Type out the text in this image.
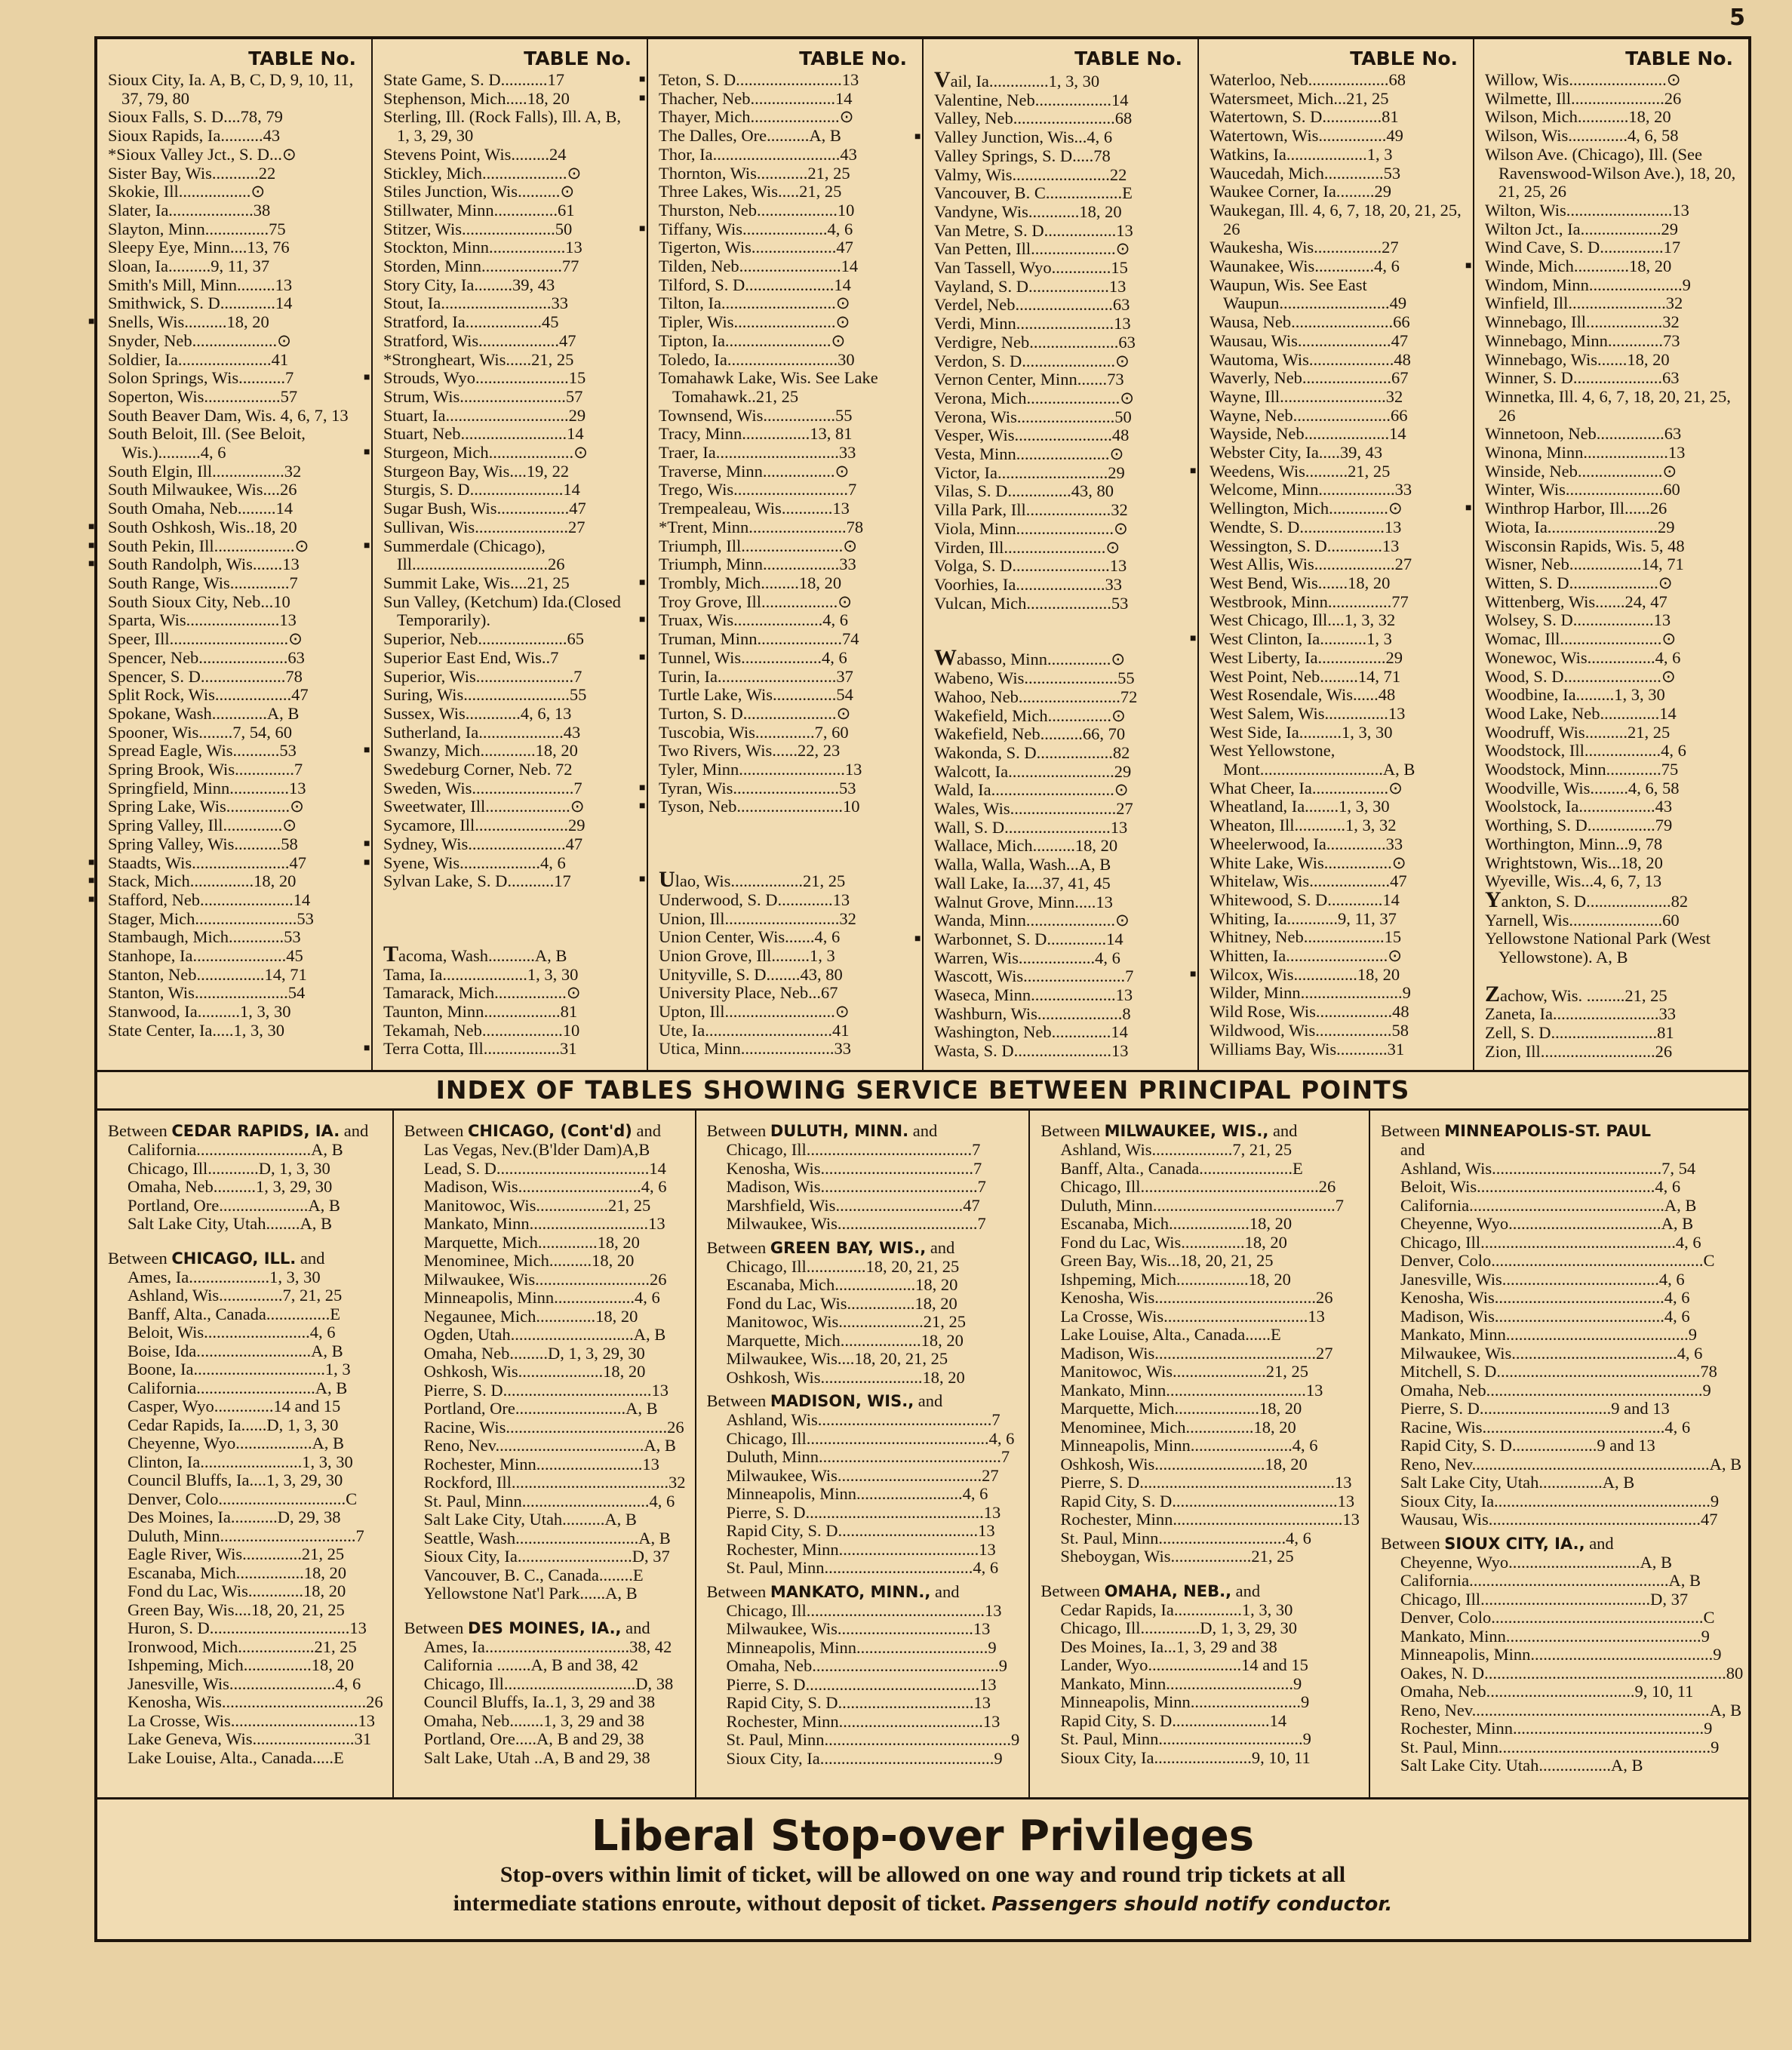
5
TABLE No.
Sioux City, Ia. A, B, C, D, 9, 10, 11, 37, 79, 80
Sioux Falls, S. D....78, 79
Sioux Rapids, Ia..........43
*Sioux Valley Jct., S. D...⊙
Sister Bay, Wis...........22
Skokie, Ill.................⊙
Slater, Ia....................38
Slayton, Minn...............75
Sleepy Eye, Minn....13, 76
Sloan, Ia..........9, 11, 37
Smith's Mill, Minn.........13
Smithwick, S. D.............14
■ Snells, Wis..........18, 20
Snyder, Neb....................⊙
Soldier, Ia......................41
Solon Springs, Wis...........7
Soperton, Wis..................57
South Beaver Dam, Wis. 4, 6, 7, 13
South Beloit, Ill. (See Beloit, Wis.)..........4, 6
South Elgin, Ill.................32
South Milwaukee, Wis....26
South Omaha, Neb.........14
■ South Oshkosh, Wis..18, 20
■ South Pekin, Ill...................⊙
■ South Randolph, Wis.......13
South Range, Wis..............7
South Sioux City, Neb...10
Sparta, Wis......................13
Speer, Ill............................⊙
Spencer, Neb.....................63
Spencer, S. D....................78
Split Rock, Wis..................47
Spokane, Wash.............A, B
Spooner, Wis........7, 54, 60
Spread Eagle, Wis...........53
Spring Brook, Wis..............7
Springfield, Minn..............13
Spring Lake, Wis...............⊙
Spring Valley, Ill..............⊙
Spring Valley, Wis...........58
■ Staadts, Wis.......................47
■ Stack, Mich...............18, 20
■ Stafford, Neb......................14
Stager, Mich........................53
Stambaugh, Mich.............53
Stanhope, Ia......................45
Stanton, Neb................14, 71
Stanton, Wis......................54
Stanwood, Ia..........1, 3, 30
State Center, Ia.....1, 3, 30
TABLE No.
State Game, S. D...........17
Stephenson, Mich.....18, 20
Sterling, Ill. (Rock Falls), Ill. A, B, 1, 3, 29, 30
Stevens Point, Wis.........24
Stickley, Mich....................⊙
Stiles Junction, Wis..........⊙
Stillwater, Minn...............61
Stitzer, Wis......................50
Stockton, Minn..................13
Storden, Minn...................77
Story City, Ia.........39, 43
Stout, Ia..........................33
Stratford, Ia..................45
Stratford, Wis...................47
*Strongheart, Wis......21, 25
■ Strouds, Wyo......................15
Strum, Wis.........................57
Stuart, Ia.............................29
Stuart, Neb.........................14
■ Sturgeon, Mich....................⊙
Sturgeon Bay, Wis....19, 22
Sturgis, S. D......................14
Sugar Bush, Wis.................47
Sullivan, Wis......................27
■ Summerdale (Chicago), Ill................................26
Summit Lake, Wis....21, 25
Sun Valley, (Ketchum) Ida.(Closed Temporarily).
Superior, Neb.....................65
Superior East End, Wis..7
Superior, Wis.......................7
Suring, Wis.........................55
Sussex, Wis.............4, 6, 13
Sutherland, Ia....................43
■ Swanzy, Mich.............18, 20
Swedeburg Corner, Neb. 72
Sweden, Wis........................7
Sweetwater, Ill....................⊙
Sycamore, Ill......................29
■ Sydney, Wis.......................47
■ Syene, Wis...................4, 6
Sylvan Lake, S. D...........17
Tacoma, Wash...........A, B
Tama, Ia....................1, 3, 30
Tamarack, Mich.................⊙
Taunton, Minn..................81
Tekamah, Neb...................10
■ Terra Cotta, Ill..................31
TABLE No.
■ Teton, S. D.........................13
■ Thacher, Neb....................14
Thayer, Mich.....................⊙
The Dalles, Ore..........A, B
Thor, Ia..............................43
Thornton, Wis............21, 25
Three Lakes, Wis.....21, 25
Thurston, Neb...................10
■ Tiffany, Wis....................4, 6
Tigerton, Wis....................47
Tilden, Neb........................14
Tilford, S. D.....................14
Tilton, Ia...........................⊙
Tipler, Wis........................⊙
Tipton, Ia.........................⊙
Toledo, Ia..........................30
Tomahawk Lake, Wis. See Lake Tomahawk..21, 25
Townsend, Wis.................55
Tracy, Minn................13, 81
Traer, Ia.............................33
Traverse, Minn.................⊙
Trego, Wis...........................7
Trempealeau, Wis............13
*Trent, Minn.......................78
Triumph, Ill........................⊙
Triumph, Minn..................33
■ Trombly, Mich.........18, 20
Troy Grove, Ill..................⊙
■ Truax, Wis.....................4, 6
Truman, Minn....................74
■ Tunnel, Wis...................4, 6
Turin, Ia............................37
Turtle Lake, Wis...............54
Turton, S. D......................⊙
Tuscobia, Wis..............7, 60
Two Rivers, Wis......22, 23
Tyler, Minn.........................13
■ Tyran, Wis.........................53
■ Tyson, Neb.........................10
■ Ulao, Wis.................21, 25
Underwood, S. D.............13
Union, Ill...........................32
Union Center, Wis.......4, 6
Union Grove, Ill.........1, 3
Unityville, S. D........43, 80
University Place, Neb...67
Upton, Ill..........................⊙
Ute, Ia..............................41
Utica, Minn......................33
TABLE No.
Vail, Ia..............1, 3, 30
Valentine, Neb..................14
Valley, Neb........................68
■ Valley Junction, Wis...4, 6
Valley Springs, S. D.....78
Valmy, Wis.......................22
Vancouver, B. C..................E
Vandyne, Wis............18, 20
Van Metre, S. D.................13
Van Petten, Ill....................⊙
Van Tassell, Wyo..............15
Vayland, S. D...................13
Verdel, Neb.......................63
Verdi, Minn.......................13
Verdigre, Neb.....................63
Verdon, S. D......................⊙
Vernon Center, Minn.......73
Verona, Mich......................⊙
Verona, Wis.......................50
Vesper, Wis.......................48
Vesta, Minn......................⊙
Victor, Ia..........................29
Vilas, S. D...............43, 80
Villa Park, Ill....................32
Viola, Minn.......................⊙
Virden, Ill........................⊙
Volga, S. D.......................13
Voorhies, Ia.....................33
Vulcan, Mich....................53
Wabasso, Minn...............⊙
Wabeno, Wis......................55
Wahoo, Neb........................72
Wakefield, Mich...............⊙
Wakefield, Neb..........66, 70
Wakonda, S. D..................82
Walcott, Ia.........................29
Wald, Ia.............................⊙
Wales, Wis.........................27
Wall, S. D.........................13
Wallace, Mich..........18, 20
Walla, Walla, Wash...A, B
Wall Lake, Ia....37, 41, 45
Walnut Grove, Minn.....13
Wanda, Minn.....................⊙
■ Warbonnet, S. D..............14
Warren, Wis..................4, 6
Wascott, Wis........................7
Waseca, Minn....................13
Washburn, Wis....................8
Washington, Neb..............14
Wasta, S. D.......................13
TABLE No.
Waterloo, Neb...................68
Watersmeet, Mich...21, 25
Watertown, S. D..............81
Watertown, Wis................49
Watkins, Ia...................1, 3
Waucedah, Mich..............53
Waukee Corner, Ia.........29
Waukegan, Ill. 4, 6, 7, 18, 20, 21, 25, 26
Waukesha, Wis................27
Waunakee, Wis..............4, 6
Waupun, Wis. See East Waupun..........................49
Wausa, Neb........................66
Wausau, Wis......................47
Wautoma, Wis....................48
Waverly, Neb.....................67
Wayne, Ill.........................32
Wayne, Neb.......................66
Wayside, Neb....................14
Webster City, Ia.....39, 43
■ Weedens, Wis..........21, 25
Welcome, Minn..................33
Wellington, Mich..............⊙
Wendte, S. D....................13
Wessington, S. D.............13
West Allis, Wis...................27
West Bend, Wis.......18, 20
Westbrook, Minn...............77
West Chicago, Ill....1, 3, 32
■ West Clinton, Ia...........1, 3
West Liberty, Ia................29
West Point, Neb.........14, 71
West Rosendale, Wis......48
West Salem, Wis...............13
West Side, Ia..........1, 3, 30
West Yellowstone, Mont.............................A, B
What Cheer, Ia..................⊙
Wheatland, Ia........1, 3, 30
Wheaton, Ill............1, 3, 32
Wheelerwood, Ia..............33
White Lake, Wis................⊙
Whitelaw, Wis...................47
Whitewood, S. D.............14
Whiting, Ia............9, 11, 37
Whitney, Neb...................15
Whitten, Ia........................⊙
■ Wilcox, Wis...............18, 20
Wilder, Minn........................9
Wild Rose, Wis..................48
Wildwood, Wis..................58
Williams Bay, Wis............31
TABLE No.
Willow, Wis.......................⊙
Wilmette, Ill......................26
Wilson, Mich............18, 20
Wilson, Wis..............4, 6, 58
Wilson Ave. (Chicago), Ill. (See Ravenswood-Wilson Ave.), 18, 20, 21, 25, 26
Wilton, Wis.........................13
Wilton Jct., Ia...................29
Wind Cave, S. D...............17
■ Winde, Mich.............18, 20
Windom, Minn......................9
Winfield, Ill.......................32
Winnebago, Ill..................32
Winnebago, Minn.............73
Winnebago, Wis.......18, 20
Winner, S. D.....................63
Winnetka, Ill. 4, 6, 7, 18, 20, 21, 25, 26
Winnetoon, Neb................63
Winona, Minn....................13
Winside, Neb....................⊙
Winter, Wis.......................60
■ Winthrop Harbor, Ill......26
Wiota, Ia..........................29
Wisconsin Rapids, Wis. 5, 48
Wisner, Neb.................14, 71
Witten, S. D.....................⊙
Wittenberg, Wis.......24, 47
Wolsey, S. D...................13
Womac, Ill........................⊙
Wonewoc, Wis................4, 6
Wood, S. D.......................⊙
Woodbine, Ia.........1, 3, 30
Wood Lake, Neb..............14
Woodruff, Wis..........21, 25
Woodstock, Ill..................4, 6
Woodstock, Minn.............75
Woodville, Wis.........4, 6, 58
Woolstock, Ia..................43
Worthing, S. D................79
Worthington, Minn...9, 78
Wrightstown, Wis...18, 20
Wyeville, Wis...4, 6, 7, 13
Yankton, S. D....................82
Yarnell, Wis......................60
Yellowstone National Park (West Yellowstone). A, B
Zachow, Wis. .........21, 25
Zaneta, Ia.........................33
Zell, S. D.........................81
Zion, Ill...........................26
INDEX OF TABLES SHOWING SERVICE BETWEEN PRINCIPAL POINTS
Between CEDAR RAPIDS, IA. and
California...........................A, B
Chicago, Ill............D, 1, 3, 30
Omaha, Neb..........1, 3, 29, 30
Portland, Ore.....................A, B
Salt Lake City, Utah........A, B
Between CHICAGO, ILL. and
Ames, Ia...................1, 3, 30
Ashland, Wis...............7, 21, 25
Banff, Alta., Canada...............E
Beloit, Wis.........................4, 6
Boise, Ida...........................A, B
Boone, Ia...............................1, 3
California............................A, B
Casper, Wyo..............14 and 15
Cedar Rapids, Ia......D, 1, 3, 30
Cheyenne, Wyo..................A, B
Clinton, Ia........................1, 3, 30
Council Bluffs, Ia....1, 3, 29, 30
Denver, Colo..............................C
Des Moines, Ia...........D, 29, 38
Duluth, Minn................................7
Eagle River, Wis..............21, 25
Escanaba, Mich................18, 20
Fond du Lac, Wis.............18, 20
Green Bay, Wis....18, 20, 21, 25
Huron, S. D.................................13
Ironwood, Mich..................21, 25
Ishpeming, Mich................18, 20
Janesville, Wis.........................4, 6
Kenosha, Wis..................................26
La Crosse, Wis..............................13
Lake Geneva, Wis........................31
Lake Louise, Alta., Canada.....E
Between CHICAGO, (Cont'd) and
Las Vegas, Nev.(B'lder Dam)A,B
Lead, S. D....................................14
Madison, Wis.............................4, 6
Manitowoc, Wis.................21, 25
Mankato, Minn............................13
Marquette, Mich..............18, 20
Menominee, Mich..........18, 20
Milwaukee, Wis...........................26
Minneapolis, Minn...................4, 6
Negaunee, Mich..............18, 20
Ogden, Utah.............................A, B
Omaha, Neb.........D, 1, 3, 29, 30
Oshkosh, Wis....................18, 20
Pierre, S. D...................................13
Portland, Ore..........................A, B
Racine, Wis......................................26
Reno, Nev...................................A, B
Rochester, Minn.........................13
Rockford, Ill.....................................32
St. Paul, Minn..............................4, 6
Salt Lake City, Utah..........A, B
Seattle, Wash.............................A, B
Sioux City, Ia...........................D, 37
Vancouver, B. C., Canada........E
Yellowstone Nat'l Park......A, B
Between DES MOINES, IA., and
Ames, Ia..................................38, 42
California ........A, B and 38, 42
Chicago, Ill...............................D, 38
Council Bluffs, Ia..1, 3, 29 and 38
Omaha, Neb........1, 3, 29 and 38
Portland, Ore.....A, B and 29, 38
Salt Lake, Utah ..A, B and 29, 38
Between DULUTH, MINN. and
Chicago, Ill.......................................7
Kenosha, Wis....................................7
Madison, Wis.....................................7
Marshfield, Wis..............................47
Milwaukee, Wis.................................7
Between GREEN BAY, WIS., and
Chicago, Ill..............18, 20, 21, 25
Escanaba, Mich...................18, 20
Fond du Lac, Wis................18, 20
Manitowoc, Wis....................21, 25
Marquette, Mich...................18, 20
Milwaukee, Wis....18, 20, 21, 25
Oshkosh, Wis........................18, 20
Between MADISON, WIS., and
Ashland, Wis.........................................7
Chicago, Ill...........................................4, 6
Duluth, Minn...........................................7
Milwaukee, Wis..................................27
Minneapolis, Minn.........................4, 6
Pierre, S. D..........................................13
Rapid City, S. D.................................13
Rochester, Minn.................................13
St. Paul, Minn...................................4, 6
Between MANKATO, MINN., and
Chicago, Ill..........................................13
Milwaukee, Wis................................13
Minneapolis, Minn...............................9
Omaha, Neb............................................9
Pierre, S. D.........................................13
Rapid City, S. D................................13
Rochester, Minn..................................13
St. Paul, Minn............................................9
Sioux City, Ia.........................................9
Between MILWAUKEE, WIS., and
Ashland, Wis...................7, 21, 25
Banff, Alta., Canada......................E
Chicago, Ill..........................................26
Duluth, Minn...........................................7
Escanaba, Mich...................18, 20
Fond du Lac, Wis...............18, 20
Green Bay, Wis...18, 20, 21, 25
Ishpeming, Mich.................18, 20
Kenosha, Wis......................................26
La Crosse, Wis..................................13
Lake Louise, Alta., Canada......E
Madison, Wis......................................27
Manitowoc, Wis......................21, 25
Mankato, Minn.................................13
Marquette, Mich....................18, 20
Menominee, Mich................18, 20
Minneapolis, Minn........................4, 6
Oshkosh, Wis..........................18, 20
Pierre, S. D..............................................13
Rapid City, S. D.......................................13
Rochester, Minn........................................13
St. Paul, Minn..............................4, 6
Sheboygan, Wis...................21, 25
Between OMAHA, NEB., and
Cedar Rapids, Ia................1, 3, 30
Chicago, Ill..............D, 1, 3, 29, 30
Des Moines, Ia...1, 3, 29 and 38
Lander, Wyo......................14 and 15
Mankato, Minn..............................9
Minneapolis, Minn..........................9
Rapid City, S. D.......................14
St. Paul, Minn..................................9
Sioux City, Ia.......................9, 10, 11
Between MINNEAPOLIS-ST. PAUL
and
Ashland, Wis........................................7, 54
Beloit, Wis..........................................4, 6
California..............................................A, B
Cheyenne, Wyo....................................A, B
Chicago, Ill..............................................4, 6
Denver, Colo..................................................C
Janesville, Wis.....................................4, 6
Kenosha, Wis........................................4, 6
Madison, Wis........................................4, 6
Mankato, Minn...........................................9
Milwaukee, Wis.......................................4, 6
Mitchell, S. D................................................78
Omaha, Neb...................................................9
Pierre, S. D...............................9 and 13
Racine, Wis...........................................4, 6
Rapid City, S. D....................9 and 13
Reno, Nev........................................................A, B
Salt Lake City, Utah...............A, B
Sioux City, Ia...................................................9
Wausau, Wis..................................................47
Between SIOUX CITY, IA., and
Cheyenne, Wyo...............................A, B
California...............................................A, B
Chicago, Ill........................................D, 37
Denver, Colo..................................................C
Mankato, Minn..............................................9
Minneapolis, Minn...........................................9
Oakes, N. D.........................................................80
Omaha, Neb...................................9, 10, 11
Reno, Nev........................................................A, B
Rochester, Minn.............................................9
St. Paul, Minn..................................................9
Salt Lake City. Utah.................A, B
Liberal Stop-over Privileges
Stop-overs within limit of ticket, will be allowed on one way and round trip tickets at all
intermediate stations enroute, without deposit of ticket. Passengers should notify conductor.
